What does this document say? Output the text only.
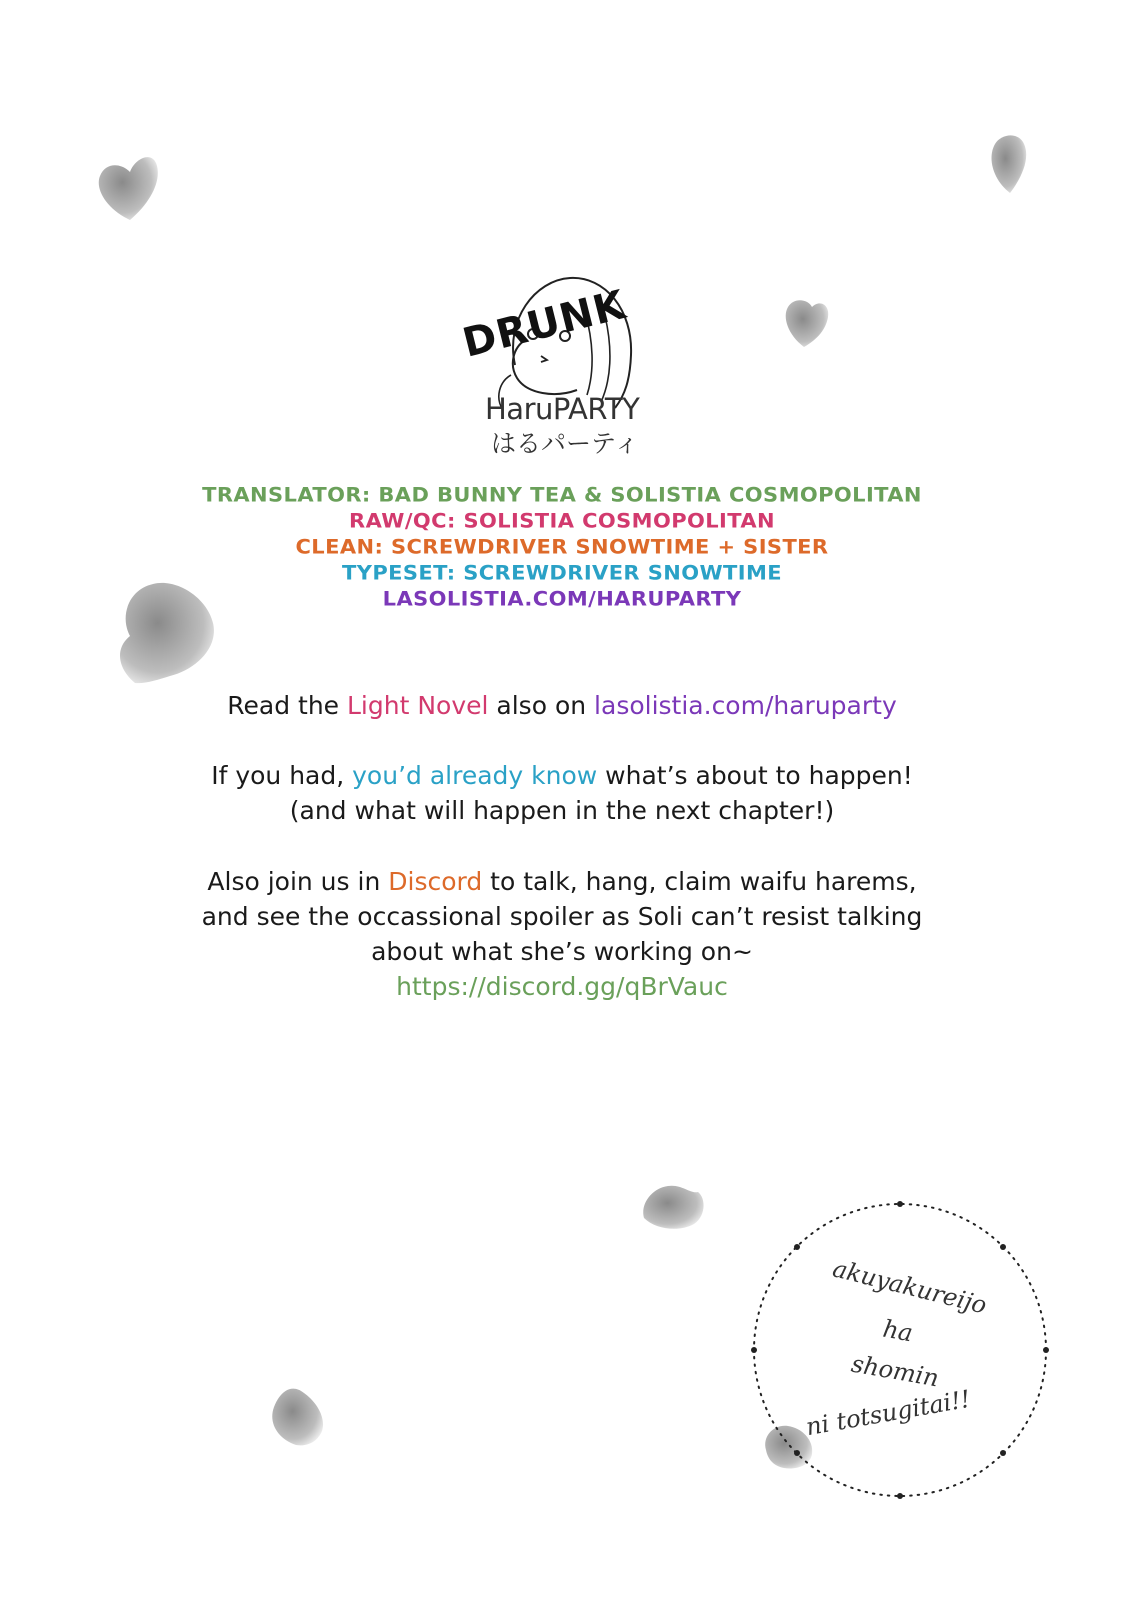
DRUNK
HaruPARTY
はるパーティ
TRANSLATOR: BAD BUNNY TEA & SOLISTIA COSMOPOLITAN
RAW/QC: SOLISTIA COSMOPOLITAN
CLEAN: SCREWDRIVER SNOWTIME + SISTER
TYPESET: SCREWDRIVER SNOWTIME
LASOLISTIA.COM/HARUPARTY
Read the Light Novel also on lasolistia.com/haruparty
If you had, you’d already know what’s about to happen!
(and what will happen in the next chapter!)
Also join us in Discord to talk, hang, claim waifu harems,
and see the occassional spoiler as Soli can’t resist talking
about what she’s working on~
https://discord.gg/qBrVauc
akuyakureijo
ha
shomin
ni totsugitai!!
